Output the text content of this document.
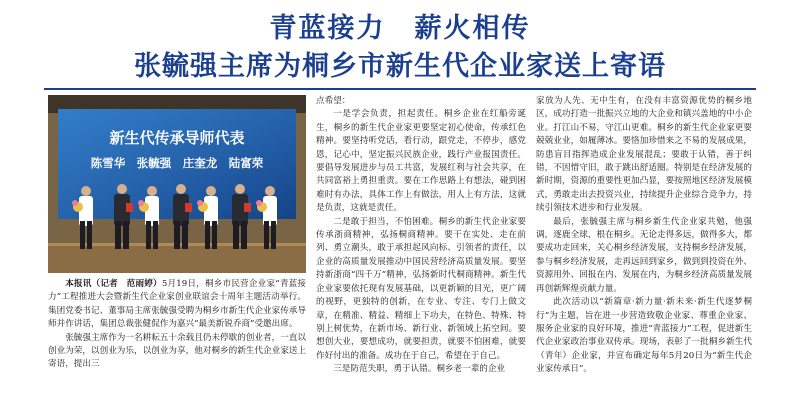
青蓝接力　薪火相传
张毓强主席为桐乡市新生代企业家送上寄语
新生代传承导师代表
陈雪华　张毓强　庄奎龙　陆富荣

本报讯（记者　范雨婷）5月19日，桐乡市民营企业家“青蓝接力”工程推进大会暨新生代企业家创业联谊会十周年主题活动举行。集团党委书记、董事局主席张毓强受聘为桐乡市新生代企业家传承导师并作讲话，集团总裁张健侃作为嘉兴“最美新锐乔商”受邀出席。

张毓强主席作为一名耕耘五十余载且仍未停歇的创业者，一直以创业为荣，以创业为乐，以创业为享，他对桐乡的新生代企业家送上寄语，提出三

点希望：

一是学会负责，担起责任。桐乡企业在红船旁诞生，桐乡的新生代企业家更要坚定初心使命，传承红色精神。要坚持听党话，看行动，跟党走，不停步，感党恩，记心中，坚定振兴民族企业，践行产业报国责任。要倡导发展进步与员工共富，发展红利与社会共享，在共同富裕上勇担重责。要在工作思路上有想法，碰到困难时有办法，具体工作上有做法，用人上有方法，这就是负责，这就是责任。

二是敢于担当，不怕困难。桐乡的新生代企业家要传承浙商精神，弘扬桐商精神。要干在实处、走在前列、勇立潮头，敢于承担起风向标、引领者的责任，以企业的高质量发展推动中国民营经济高质量发展。要坚持新浙商“四千万”精神，弘扬新时代桐商精神。新生代企业家要依托现有发展基础，以更新颖的目光，更广阔的视野，更独特的创新，在专业、专注、专门上做文章，在精准、精益、精细上下功夫，在特色、特殊、特别上树优势，在新市场、新行业、新领域上拓空间。要想创大业，要想成功，就要担责，就要不怕困难，就要作好付出的准备。成功在于自己，希望在于自己。

三是防范失职，勇于认错。桐乡老一辈的企业

家放为人先、无中生有，在没有丰富资源优势的桐乡地区，成功打造一批振兴立地的大企业和镇兴盖地的中小企业。打江山不易，守江山更难。桐乡的新生代企业家更要兢兢业业，如履薄冰。要恪加珍惜来之不易的发展成果，防患盲目指挥造成企业发展混乱；要敢于认错，善于纠错，不因惜守旧，敢于跳出舒适圈。特别是在经济发展的新时期，资源的重要性更加凸显，要按照地区经济发展模式，勇敢走出去投资兴业，持续提升企业综合竞争力，持续引领技术进步和行业发展。

最后，张毓强主席与桐乡新生代企业家共勉，他强调，逐鹿全球，根在桐乡。无论走得多远，做得多大，都要成功走回来，关心桐乡经济发展，支持桐乡经济发展，参与桐乡经济发展，走再远回到家乡，做到到投资在外、资源用外、回报在内、发展在内，为桐乡经济高质量发展再创新辉煌贡献力量。

此次活动以“新篇章·新力量·新未来·新生代逐梦桐行”为主题，旨在进一步营造致敬企业家、尊重企业家、服务企业家的良好环境，推进“青蓝接力”工程，促进新生代企业家政治事业双传承。现场，表彰了一批桐乡新生代（青年）企业家，并宣布确定每年5月20日为“新生代企业家传承日”。
